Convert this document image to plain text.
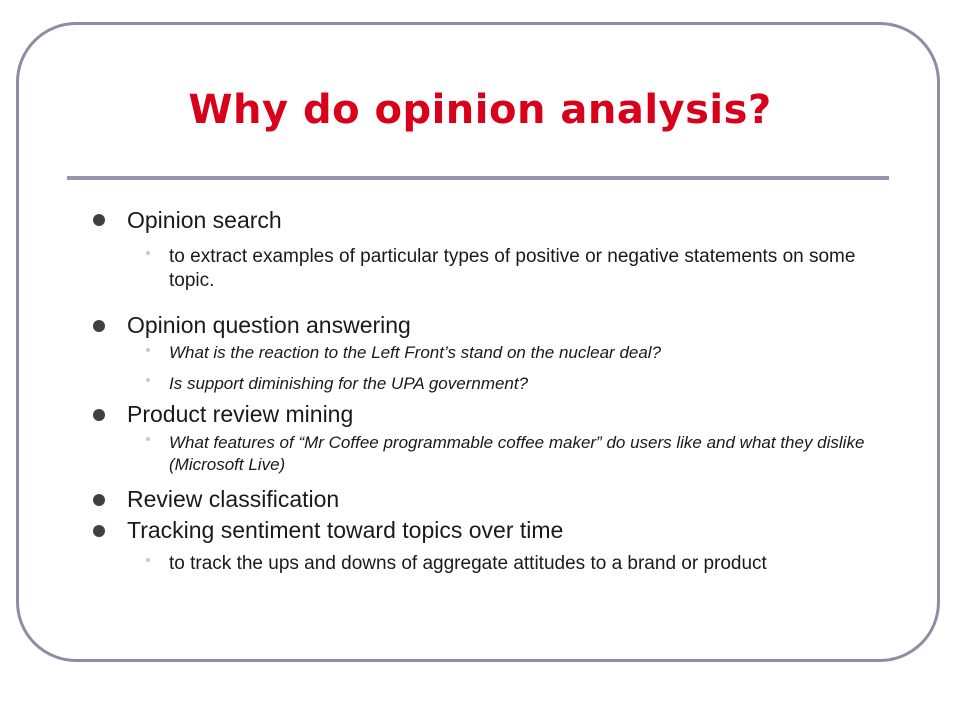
Why do opinion analysis?
Opinion search
to extract examples of particular types of positive or negative statements on some topic.
Opinion question answering
What is the reaction to the Left Front’s stand on the nuclear deal?
Is support diminishing for the UPA government?
Product review mining
What features of “Mr Coffee programmable coffee maker” do users like and what they dislike (Microsoft Live)
Review classification
Tracking sentiment toward topics over time
to track the ups and downs of aggregate attitudes to a brand or product
